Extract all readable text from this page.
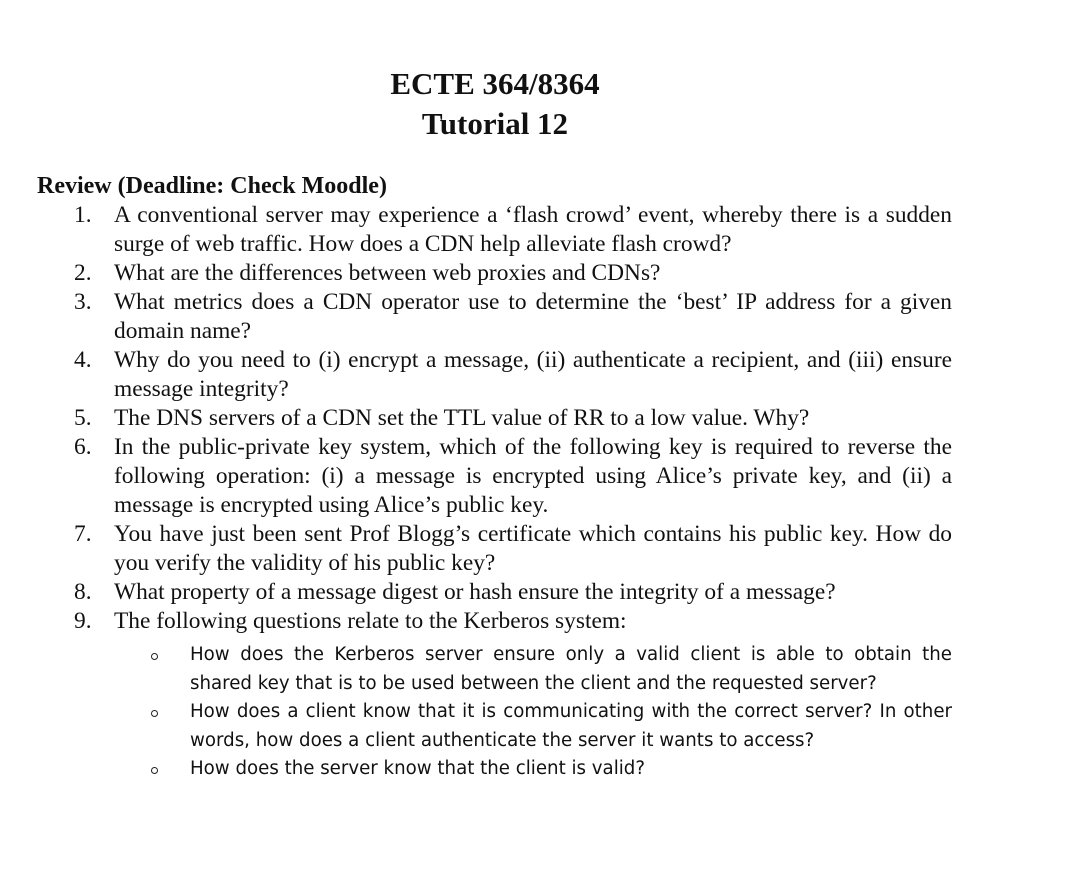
ECTE 364/8364
Tutorial 12
Review (Deadline: Check Moodle)
1. A conventional server may experience a ‘flash crowd’ event, whereby there is a sudden surge of web traffic. How does a CDN help alleviate flash crowd?
2. What are the differences between web proxies and CDNs?
3. What metrics does a CDN operator use to determine the ‘best’ IP address for a given domain name?
4. Why do you need to (i) encrypt a message, (ii) authenticate a recipient, and (iii) ensure message integrity?
5. The DNS servers of a CDN set the TTL value of RR to a low value. Why?
6. In the public-private key system, which of the following key is required to reverse the following operation: (i) a message is encrypted using Alice’s private key, and (ii) a message is encrypted using Alice’s public key.
7. You have just been sent Prof Blogg’s certificate which contains his public key. How do you verify the validity of his public key?
8. What property of a message digest or hash ensure the integrity of a message?
9. The following questions relate to the Kerberos system:
How does the Kerberos server ensure only a valid client is able to obtain the shared key that is to be used between the client and the requested server?
How does a client know that it is communicating with the correct server? In other words, how does a client authenticate the server it wants to access?
How does the server know that the client is valid?
